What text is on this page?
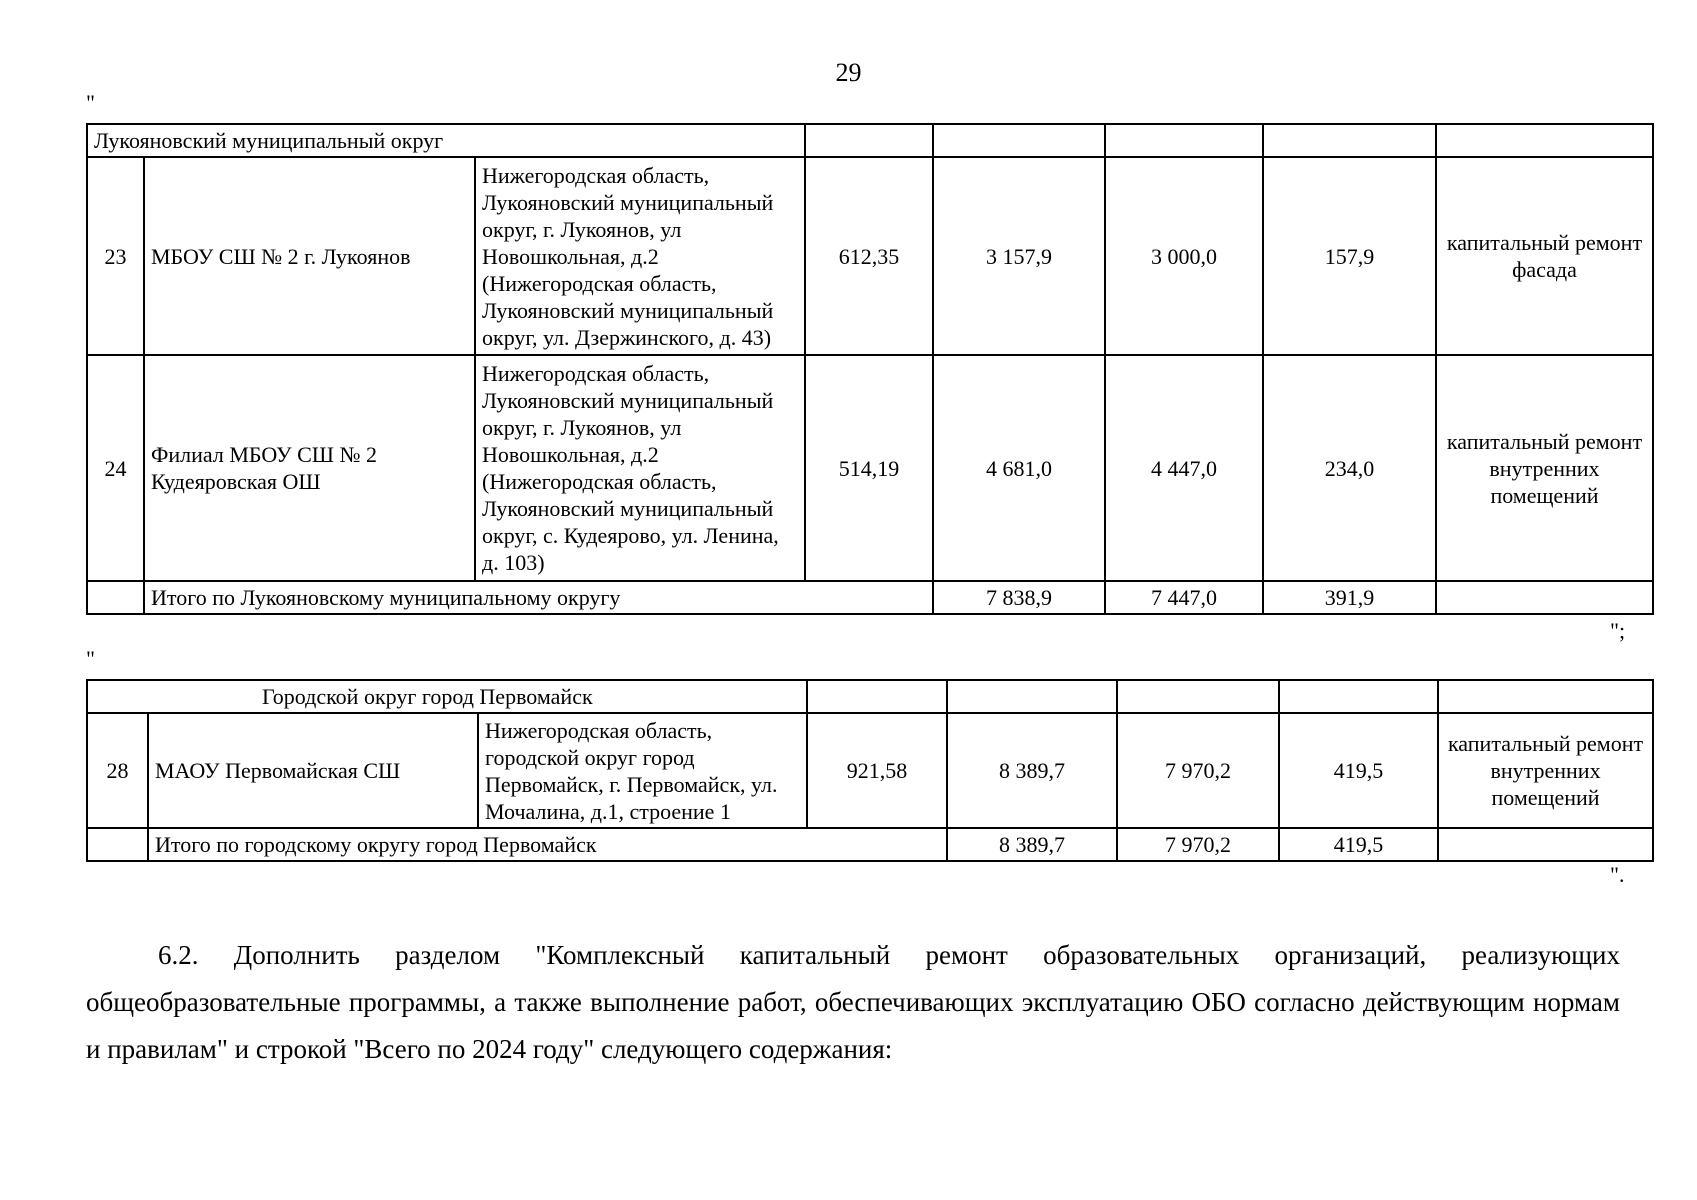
29
"
Лукояновский муниципальный округ							
23	МБОУ СШ № 2 г. Лукоянов	Нижегородская область, Лукояновский муниципальный округ, г. Лукоянов, ул Новошкольная, д.2 (Нижегородская область, Лукояновский муниципальный округ, ул. Дзержинского, д. 43)	612,35	3 157,9	3 000,0	157,9	капитальный ремонт фасада
24	Филиал МБОУ СШ № 2 Кудеяровская ОШ	Нижегородская область, Лукояновский муниципальный округ, г. Лукоянов, ул Новошкольная, д.2 (Нижегородская область, Лукояновский муниципальный округ, с. Кудеярово, ул. Ленина, д. 103)	514,19	4 681,0	4 447,0	234,0	капитальный ремонт внутренних помещений
	Итого по Лукояновскому муниципальному округу			7 838,9	7 447,0	391,9	
";
"
Городской округ город Первомайск							
28	МАОУ Первомайская СШ	Нижегородская область, городской округ город Первомайск, г. Первомайск, ул. Мочалина, д.1, строение 1	921,58	8 389,7	7 970,2	419,5	капитальный ремонт внутренних помещений
	Итого по городскому округу город Первомайск			8 389,7	7 970,2	419,5	
".
6.2. Дополнить разделом "Комплексный капитальный ремонт образовательных организаций, реализующих общеобразовательные программы, а также выполнение работ, обеспечивающих эксплуатацию ОБО согласно действующим нормам и правилам" и строкой "Всего по 2024 году" следующего содержания:
